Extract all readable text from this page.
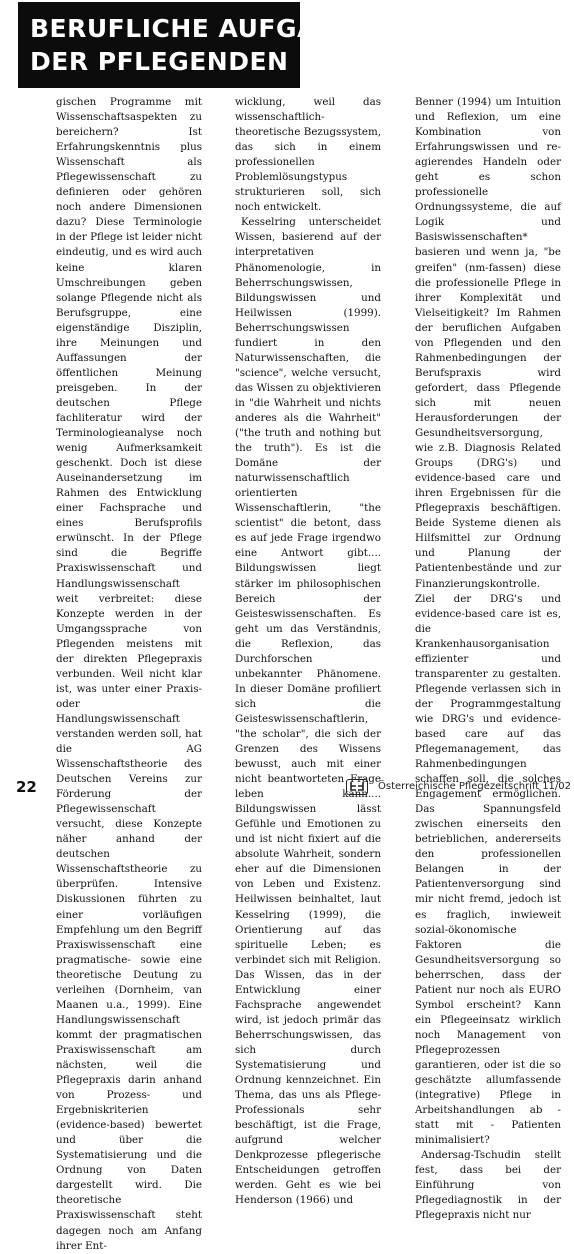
BERUFLICHE AUFGABEN
DER PFLEGENDEN

gischen Programme mit Wissenschaftsaspekten zu bereichern? Ist Erfahrungskenntnis plus Wissenschaft als Pflegewissenschaft zu definieren oder gehören noch andere Dimensionen dazu? Diese Terminologie in der Pflege ist leider nicht eindeutig, und es wird auch keine klaren Umschreibungen geben solange Pflegende nicht als Berufsgruppe, eine eigenständige Disziplin, ihre Meinungen und Auffassungen der öffentlichen Meinung preisgeben. In der deutschen Pflege fachliteratur wird der Terminologieanalyse noch wenig Aufmerksamkeit geschenkt. Doch ist diese Auseinandersetzung im Rahmen des Entwicklung einer Fachsprache und eines Berufsprofils erwünscht. In der Pflege sind die Begriffe Praxiswissenschaft und Handlungswissenschaft weit verbreitet: diese Konzepte werden in der Umgangssprache von Pflegenden meistens mit der direkten Pflegepraxis verbunden. Weil nicht klar ist, was unter einer Praxis- oder Handlungswissenschaft verstanden werden soll, hat die AG Wissenschaftstheorie des Deutschen Vereins zur Förderung der Pflegewissenschaft versucht, diese Konzepte näher anhand der deutschen Wissenschaftstheorie zu überprüfen. Intensive Diskussionen führten zu einer vorläufigen Empfehlung um den Begriff Praxiswissenschaft eine pragmatische- sowie eine theoretische Deutung zu verleihen (Dornheim, van Maanen u.a., 1999). Eine Handlungswissenschaft kommt der pragmatischen Praxiswissenschaft am nächsten, weil die Pflegepraxis darin anhand von Prozess- und Ergebniskriterien (evidence-based) bewertet und über die Systematisierung und die Ordnung von Daten dargestellt wird. Die theoretische Praxiswissenschaft steht dagegen noch am Anfang ihrer Ent-

wicklung, weil das wissenschaftlich-theoretische Bezugssystem, das sich in einem professionellen Problemlösungstypus strukturieren soll, sich noch entwickelt.

Kesselring unterscheidet Wissen, basierend auf der interpretativen Phänomenologie, in Beherrschungswissen, Bildungswissen und Heilwissen (1999). Beherrschungswissen fundiert in den Naturwissenschaften, die "science", welche versucht, das Wissen zu objektivieren in "die Wahrheit und nichts anderes als die Wahrheit" ("the truth and nothing but the truth"). Es ist die Domäne der naturwissenschaftlich orientierten Wissenschaftlerin, "the scientist" die betont, dass es auf jede Frage irgendwo eine Antwort gibt.... Bildungswissen liegt stärker im philosophischen Bereich der Geisteswissenschaften. Es geht um das Verständnis, die Reflexion, das Durchforschen unbekannter Phänomene. In dieser Domäne profiliert sich die Geisteswissenschaftlerin, "the scholar", die sich der Grenzen des Wissens bewusst, auch mit einer nicht beantworteten Frage leben kann.... Bildungswissen lässt Gefühle und Emotionen zu und ist nicht fixiert auf die absolute Wahrheit, sondern eher auf die Dimensionen von Leben und Existenz. Heilwissen beinhaltet, laut Kesselring (1999), die Orientierung auf das spirituelle Leben; es verbindet sich mit Religion. Das Wissen, das in der Entwicklung einer Fachsprache angewendet wird, ist jedoch primär das Beherrschungswissen, das sich durch Systematisierung und Ordnung kennzeichnet. Ein Thema, das uns als Pflege-Professionals sehr beschäftigt, ist die Frage, aufgrund welcher Denkprozesse pflegerische Entscheidungen getroffen werden. Geht es wie bei Henderson (1966) und

Benner (1994) um Intuition und Reflexion, um eine Kombination von Erfahrungswissen und re-agierendes Handeln oder geht es schon professionelle Ordnungssysteme, die auf Logik und Basiswissenschaften* basieren und wenn ja, "be greifen" (nm-fassen) diese die professionelle Pflege in ihrer Komplexität und Vielseitigkeit? Im Rahmen der beruflichen Aufgaben von Pflegenden und den Rahmenbedingungen der Berufspraxis wird gefordert, dass Pflegende sich mit neuen Herausforderungen der Gesundheitsversorgung, wie z.B. Diagnosis Related Groups (DRG's) und evidence-based care und ihren Ergebnissen für die Pflegepraxis beschäftigen. Beide Systeme dienen als Hilfsmittel zur Ordnung und Planung der Patientenbestände und zur Finanzierungskontrolle. Ziel der DRG's und evidence-based care ist es, die Krankenhausorganisation effizienter und transparenter zu gestalten. Pflegende verlassen sich in der Programmgestaltung wie DRG's und evidence-based care auf das Pflegemanagement, das Rahmenbedingungen schaffen soll, die solches Engagement ermöglichen. Das Spannungsfeld zwischen einerseits den betrieblichen, andererseits den professionellen Belangen in der Patientenversorgung sind mir nicht fremd, jedoch ist es fraglich, inwieweit sozial-ökonomische Faktoren die Gesundheitsversorgung so beherrschen, dass der Patient nur noch als EURO Symbol erscheint? Kann ein Pflegeeinsatz wirklich noch Management von Pflegeprozessen garantieren, oder ist die so geschätzte allumfassende (integrative) Pflege in Arbeitshandlungen ab - statt mit - Patienten minimalisiert?

Andersag-Tschudin stellt fest, dass bei der Einführung von Pflegediagnostik in der Pflegepraxis nicht nur

22	Österreichische Pflegezeitschrift 11/02
